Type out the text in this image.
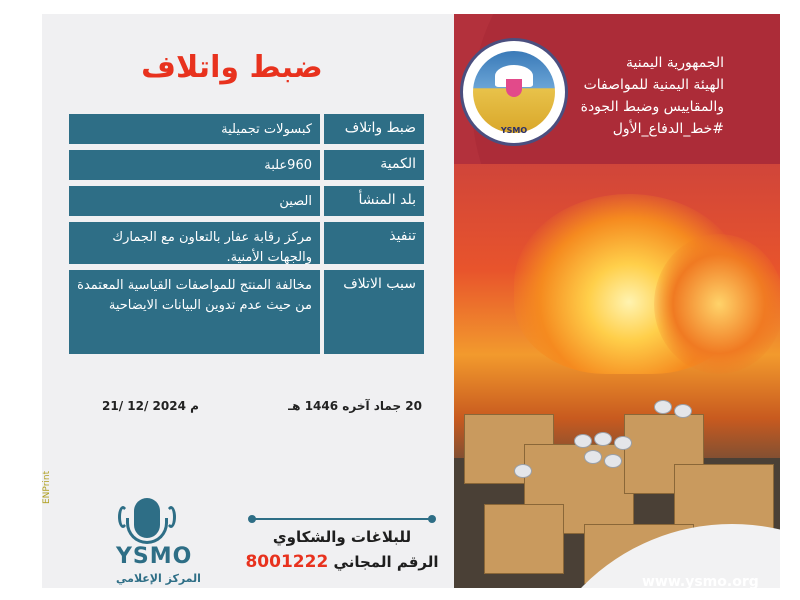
ضبط واتلاف	الجمهورية اليمنية
الهيئة اليمنية للمواصفات
والمقاييس وضبط الجودة
#خط_الدفاع_الأول
YSMO
ضبط واتلاف
كبسولات تجميلية
الكمية
960علبة
بلد المنشأ
الصين
تنفيذ
مركز رقابة عفار بالتعاون مع الجمارك والجهات الأمنية.
سبب الاتلاف
مخالفة المنتج للمواصفات القياسية المعتمدة من حيث عدم تدوين البيانات الايضاحية
20 جماد آخره 1446 هـ
21/ 12/ 2024 م
للبلاغات والشكاوي
الرقم المجاني 8001222
YSMO
المركز الإعلامي
ENPrint
www.ysmo.org
